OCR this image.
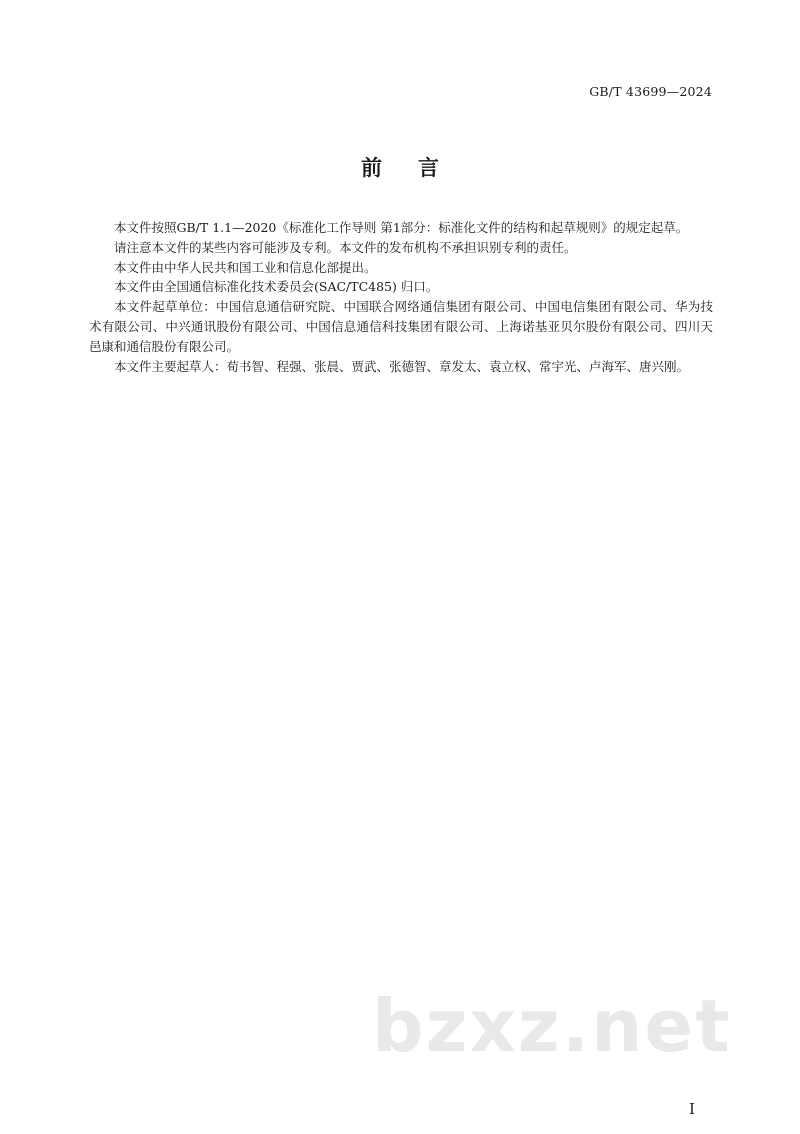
GB/T 43699—2024
前言

本文件按照GB/T 1.1—2020《标准化工作导则 第1部分：标准化文件的结构和起草规则》的规定起草。

请注意本文件的某些内容可能涉及专利。本文件的发布机构不承担识别专利的责任。

本文件由中华人民共和国工业和信息化部提出。

本文件由全国通信标准化技术委员会(SAC/TC485) 归口。

本文件起草单位：中国信息通信研究院、中国联合网络通信集团有限公司、中国电信集团有限公司、华为技术有限公司、中兴通讯股份有限公司、中国信息通信科技集团有限公司、上海诺基亚贝尔股份有限公司、四川天邑康和通信股份有限公司。

本文件主要起草人：荀书智、程强、张晨、贾武、张德智、章发太、袁立权、常宇光、卢海军、唐兴刚。

bzxz.net
I
